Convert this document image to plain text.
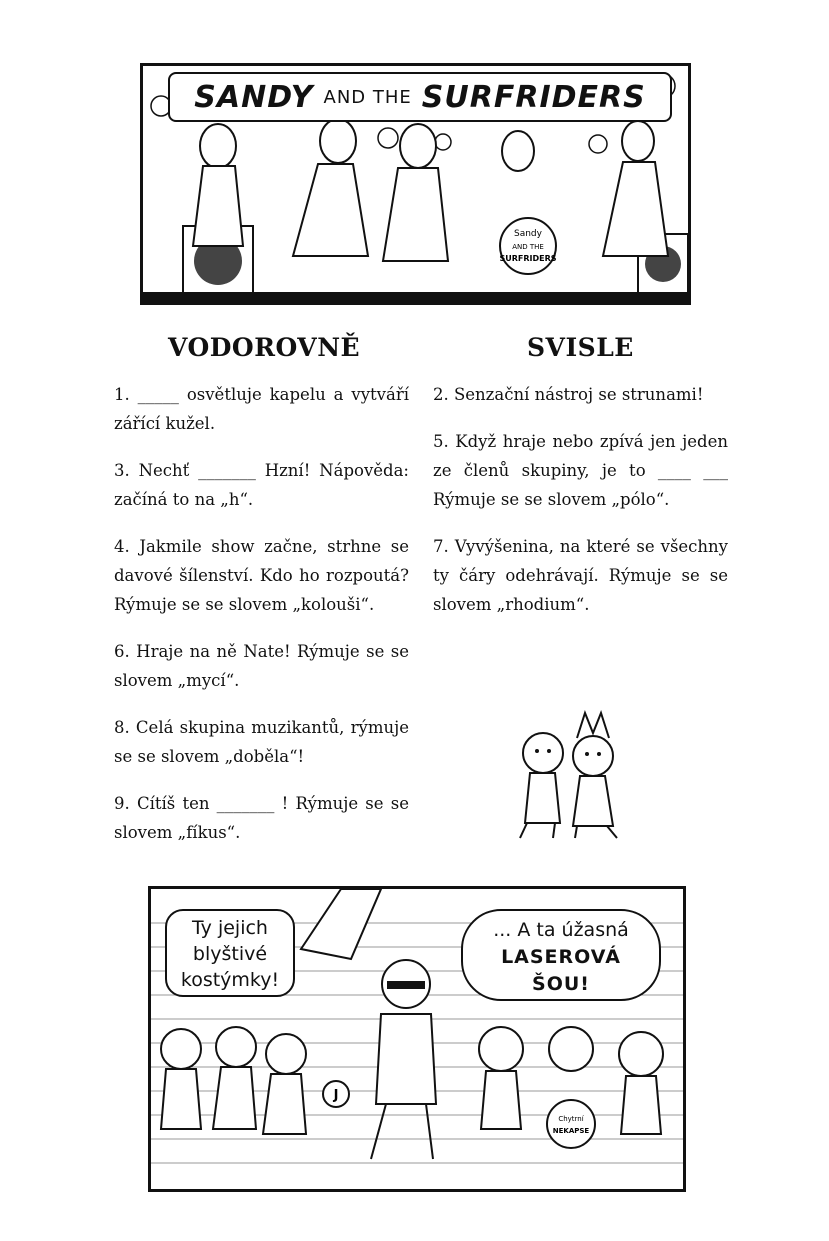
Sandy
AND THE
SURFRIDERS
SANDY AND THE SURFRIDERS
VODOROVNĚ	SVISLE

1. _____ osvětluje kapelu a vytváří zářící kužel.

3. Nechť _______ Hzní! Nápověda: začíná to na „h“.

4. Jakmile show začne, strhne se davové šílenství. Kdo ho rozpoutá? Rýmuje se se slovem „kolouši“.

6. Hraje na ně Nate! Rýmuje se se slovem „mycí“.

8. Celá skupina muzikantů, rýmuje se se slovem „doběla“!

9. Cítíš ten _______ ! Rýmuje se se slovem „fíkus“.

2. Senzační nástroj se strunami!

5. Když hraje nebo zpívá jen jeden ze členů skupiny, je to ____ ___ Rýmuje se se slovem „pólo“.

7. Vyvýšenina, na které se všechny ty čáry odehrávají. Rýmuje se se slovem „rhodium“.

J
Chytrní
NEKAPSE
Ty jejich
blyštivé
kostýmky!
... A ta úžasná
LASEROVÁ
ŠOU!
